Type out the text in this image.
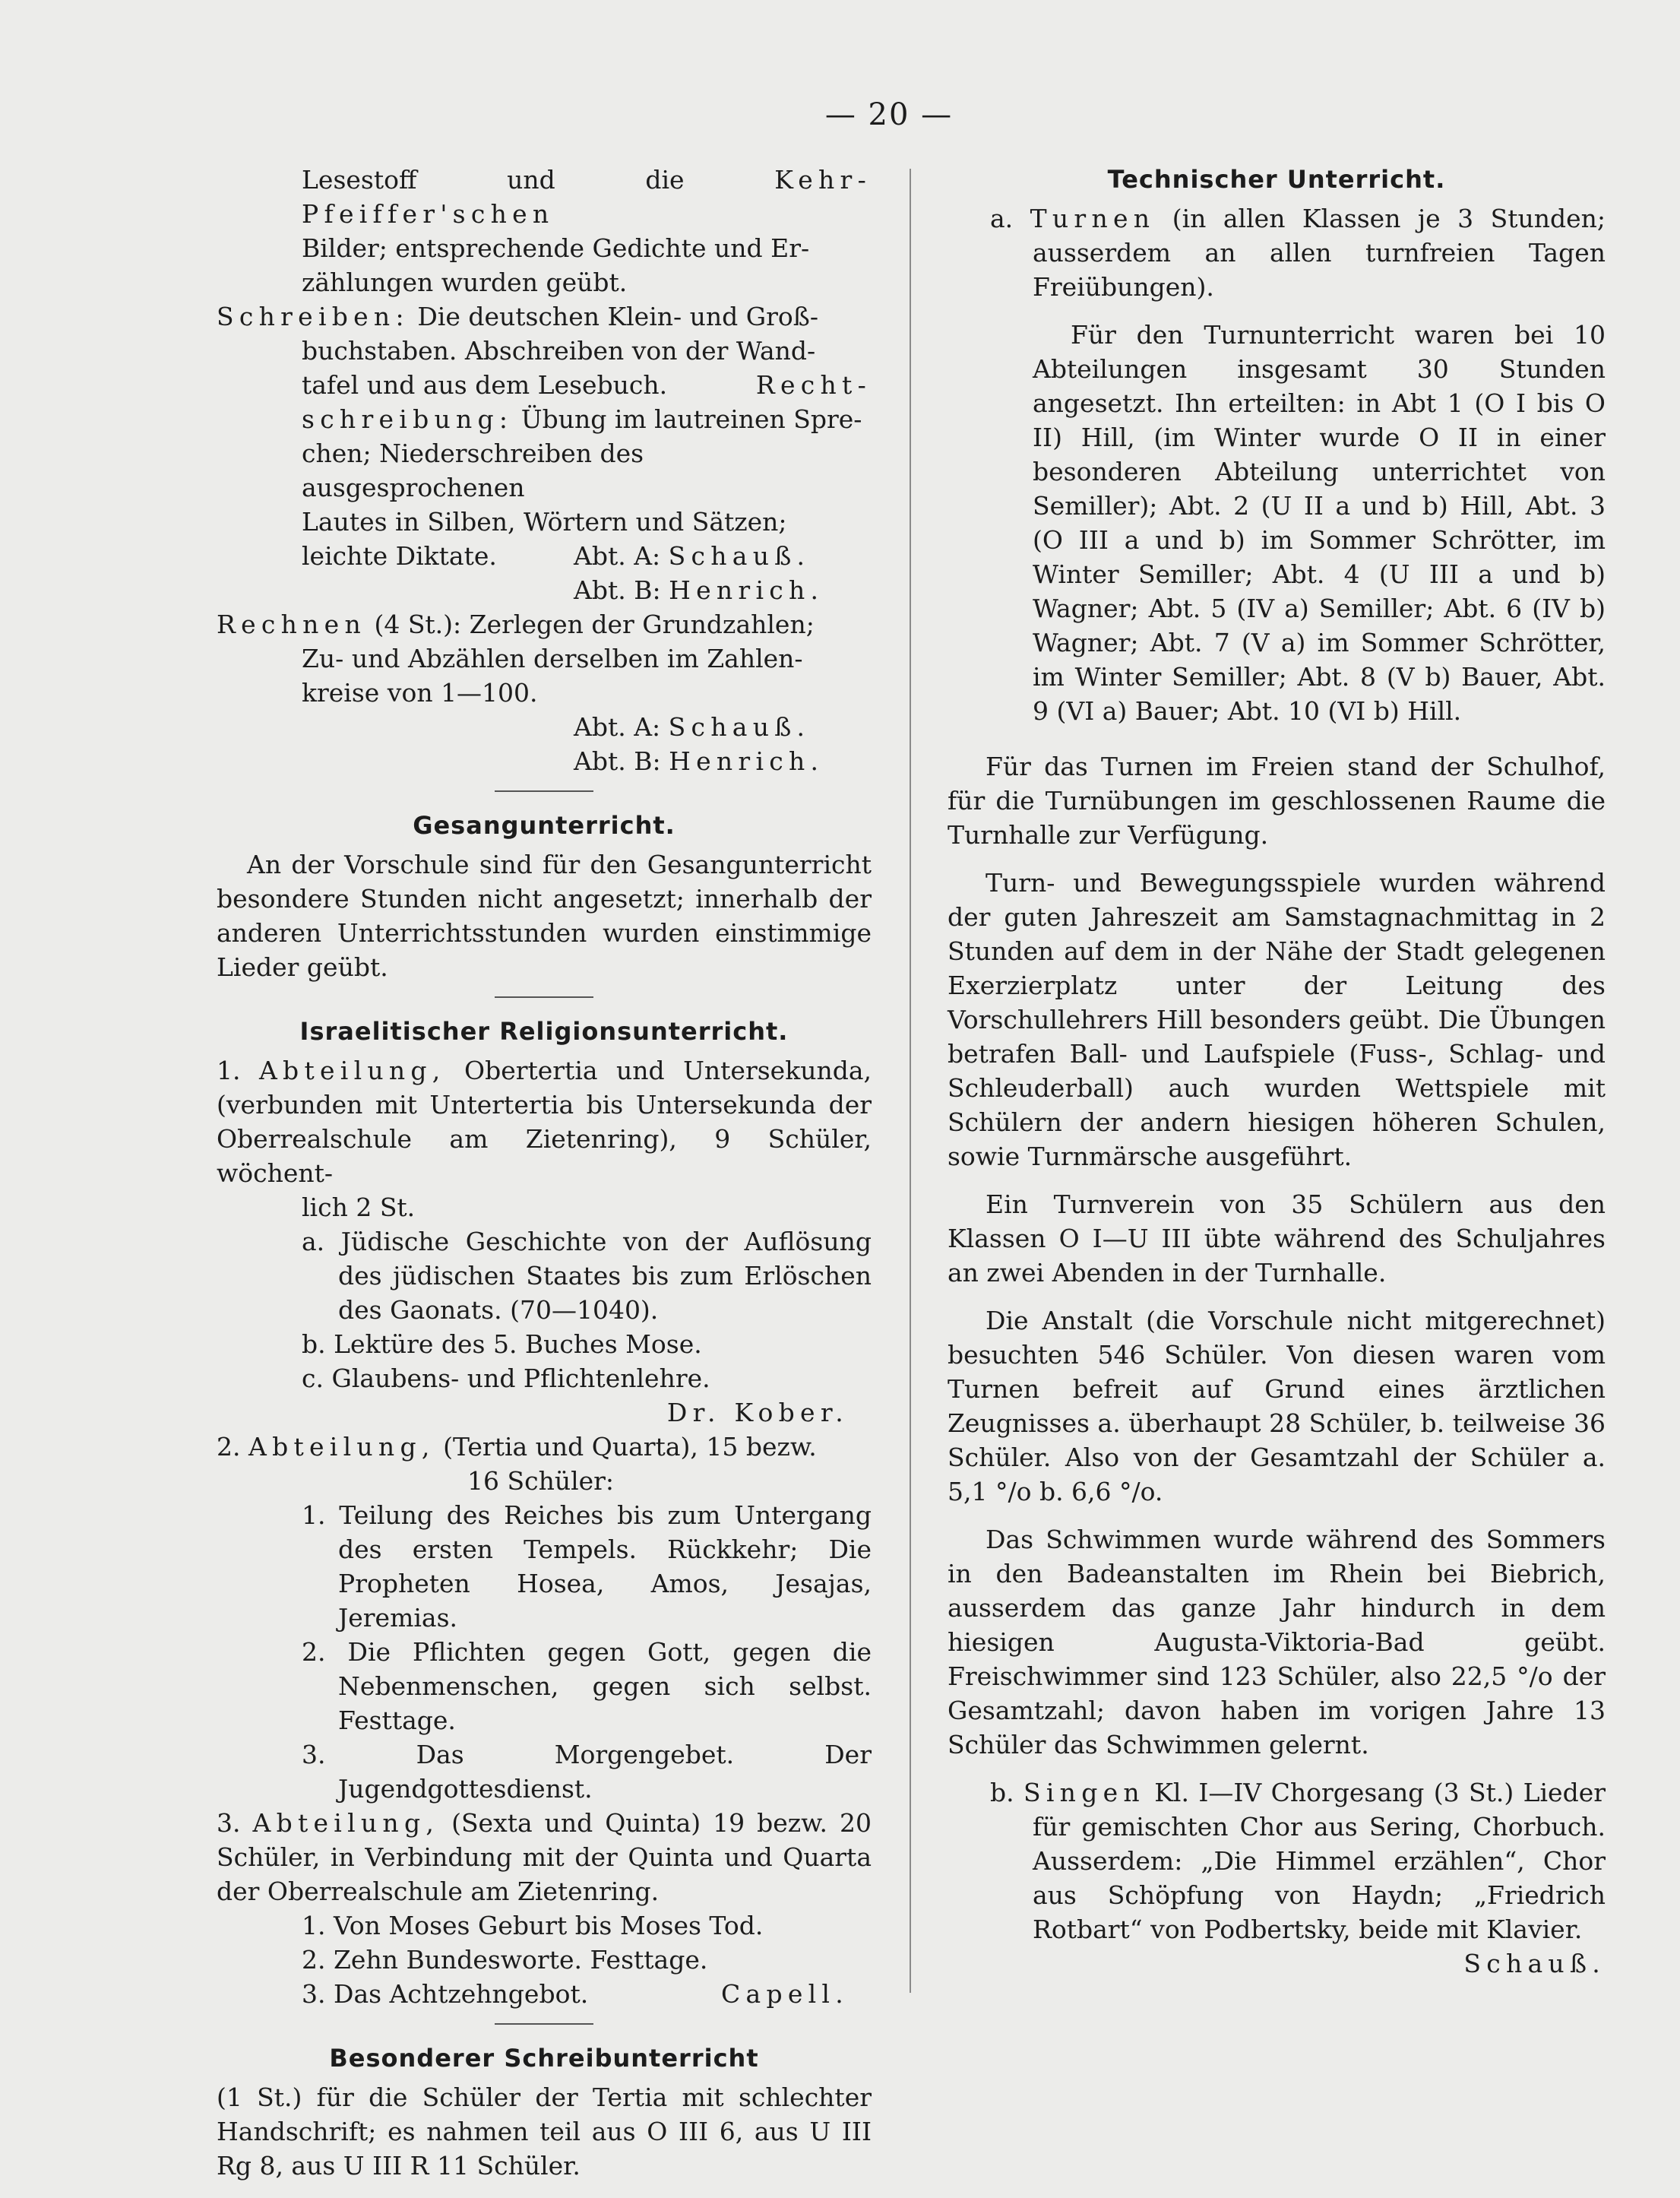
— 20 —

Lesestoff und die Kehr-Pfeiffer'schen

Bilder; entsprechende Gedichte und Er-

zählungen wurden geübt.

Schreiben: Die deutschen Klein- und Groß-

buchstaben. Abschreiben von der Wand-

tafel und aus dem Lesebuch.	Recht-

schreibung: Übung im lautreinen Spre-

chen; Niederschreiben des ausgesprochenen

Lautes in Silben, Wörtern und Sätzen;

leichte Diktate.	Abt. A: Schauß.

Abt. B: Henrich.

Rechnen (4 St.): Zerlegen der Grundzahlen;

Zu- und Abzählen derselben im Zahlen-

kreise von 1—100.

Abt. A: Schauß.

Abt. B: Henrich.

Gesangunterricht.

An der Vorschule sind für den Gesangunterricht besondere Stunden nicht angesetzt; innerhalb der anderen Unterrichtsstunden wurden einstimmige Lieder geübt.

Israelitischer Religionsunterricht.

1. Abteilung, Obertertia und Untersekunda, (verbunden mit Untertertia bis Untersekunda der Oberrealschule am Zietenring), 9 Schüler, wöchent-

lich 2 St.

a. Jüdische Geschichte von der Auflösung des jüdischen Staates bis zum Erlöschen des Gaonats. (70—1040).

b. Lektüre des 5. Buches Mose.

c. Glaubens- und Pflichtenlehre.

Dr. Kober.

2. Abteilung, (Tertia und Quarta), 15 bezw.

16 Schüler:

1. Teilung des Reiches bis zum Untergang des ersten Tempels. Rückkehr; Die Propheten Hosea, Amos, Jesajas, Jeremias.

2. Die Pflichten gegen Gott, gegen die Nebenmenschen, gegen sich selbst. Festtage.

3.	Das Morgengebet. Der Jugendgottesdienst.

3. Abteilung, (Sexta und Quinta) 19 bezw. 20 Schüler, in Verbindung mit der Quinta und Quarta der Oberrealschule am Zietenring.

1. Von Moses Geburt bis Moses Tod.

2. Zehn Bundesworte. Festtage.

3. Das Achtzehngebot.	Capell.

Besonderer Schreibunterricht

(1 St.) für die Schüler der Tertia mit schlechter Handschrift; es nahmen teil aus O III 6, aus U III Rg 8, aus U III R 11 Schüler.

Technischer Unterricht.

a. Turnen (in allen Klassen je 3 Stunden; ausserdem an allen turnfreien Tagen Freiübungen).

Für den Turnunterricht waren bei 10 Abteilungen insgesamt 30 Stunden angesetzt. Ihn erteilten: in Abt 1 (O I bis O II) Hill, (im Winter wurde O II in einer besonderen Abteilung unterrichtet von Semiller); Abt. 2 (U II a und b) Hill, Abt. 3 (O III a und b) im Sommer Schrötter, im Winter Semiller; Abt. 4 (U III a und b) Wagner; Abt. 5 (IV a) Semiller; Abt. 6 (IV b) Wagner; Abt. 7 (V a) im Sommer Schrötter, im Winter Semiller; Abt. 8 (V b) Bauer, Abt. 9 (VI a) Bauer; Abt. 10 (VI b) Hill.

Für das Turnen im Freien stand der Schulhof, für die Turnübungen im geschlossenen Raume die Turnhalle zur Verfügung.

Turn- und Bewegungsspiele wurden während der guten Jahreszeit am Samstagnachmittag in 2 Stunden auf dem in der Nähe der Stadt gelegenen Exerzierplatz unter der Leitung des Vorschullehrers Hill besonders geübt. Die Übungen betrafen Ball- und Laufspiele (Fuss-, Schlag- und Schleuderball) auch wurden Wettspiele mit Schülern der andern hiesigen höheren Schulen, sowie Turnmärsche ausgeführt.

Ein Turnverein von 35 Schülern aus den Klassen O I—U III übte während des Schuljahres an zwei Abenden in der Turnhalle.

Die Anstalt (die Vorschule nicht mitgerechnet) besuchten 546 Schüler. Von diesen waren vom Turnen befreit auf Grund eines ärztlichen Zeugnisses a. überhaupt 28 Schüler, b. teilweise 36 Schüler. Also von der Gesamtzahl der Schüler a. 5,1 °/o b. 6,6 °/o.

Das Schwimmen wurde während des Sommers in den Badeanstalten im Rhein bei Biebrich, ausserdem das ganze Jahr hindurch in dem hiesigen Augusta-Viktoria-Bad geübt. Freischwimmer sind 123 Schüler, also 22,5 °/o der Gesamtzahl; davon haben im vorigen Jahre 13 Schüler das Schwimmen gelernt.

b. Singen Kl. I—IV Chorgesang (3 St.) Lieder für gemischten Chor aus Sering, Chorbuch. Ausserdem: „Die Himmel erzählen“, Chor aus Schöpfung von Haydn; „Friedrich Rotbart“ von Podbertsky, beide mit Klavier.

Schauß.
